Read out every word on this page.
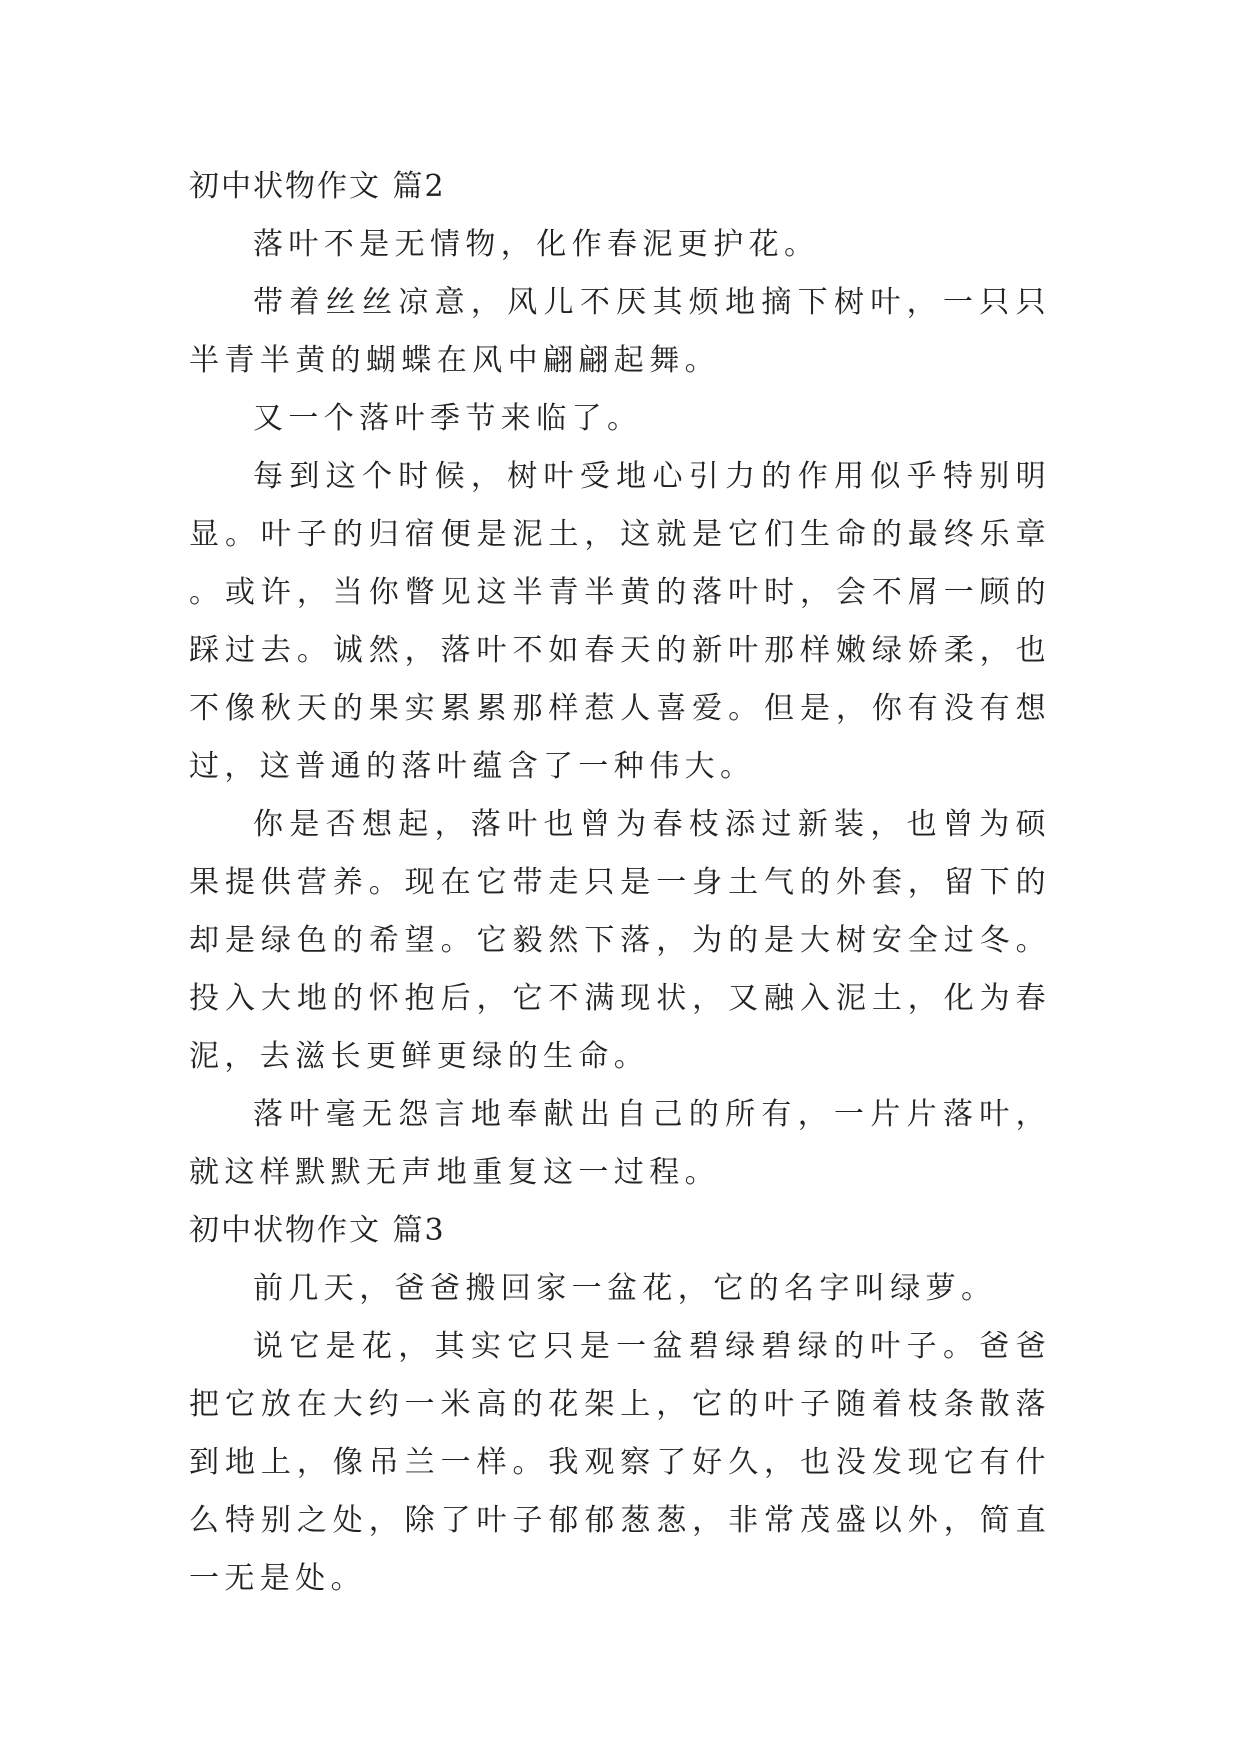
初中状物作文 篇2

落叶不是无情物，化作春泥更护花。

带着丝丝凉意，风儿不厌其烦地摘下树叶，一只只半青半黄的蝴蝶在风中翩翩起舞。

又一个落叶季节来临了。

每到这个时候，树叶受地心引力的作用似乎特别明显。叶子的归宿便是泥土，这就是它们生命的最终乐章。或许，当你瞥见这半青半黄的落叶时，会不屑一顾的踩过去。诚然，落叶不如春天的新叶那样嫩绿娇柔，也不像秋天的果实累累那样惹人喜爱。但是，你有没有想过，这普通的落叶蕴含了一种伟大。

你是否想起，落叶也曾为春枝添过新装，也曾为硕果提供营养。现在它带走只是一身土气的外套，留下的却是绿色的希望。它毅然下落，为的是大树安全过冬。投入大地的怀抱后，它不满现状，又融入泥土，化为春泥，去滋长更鲜更绿的生命。

落叶毫无怨言地奉献出自己的所有，一片片落叶，就这样默默无声地重复这一过程。

初中状物作文 篇3

前几天，爸爸搬回家一盆花，它的名字叫绿萝。

说它是花，其实它只是一盆碧绿碧绿的叶子。爸爸把它放在大约一米高的花架上，它的叶子随着枝条散落到地上，像吊兰一样。我观察了好久，也没发现它有什么特别之处，除了叶子郁郁葱葱，非常茂盛以外，简直一无是处。
